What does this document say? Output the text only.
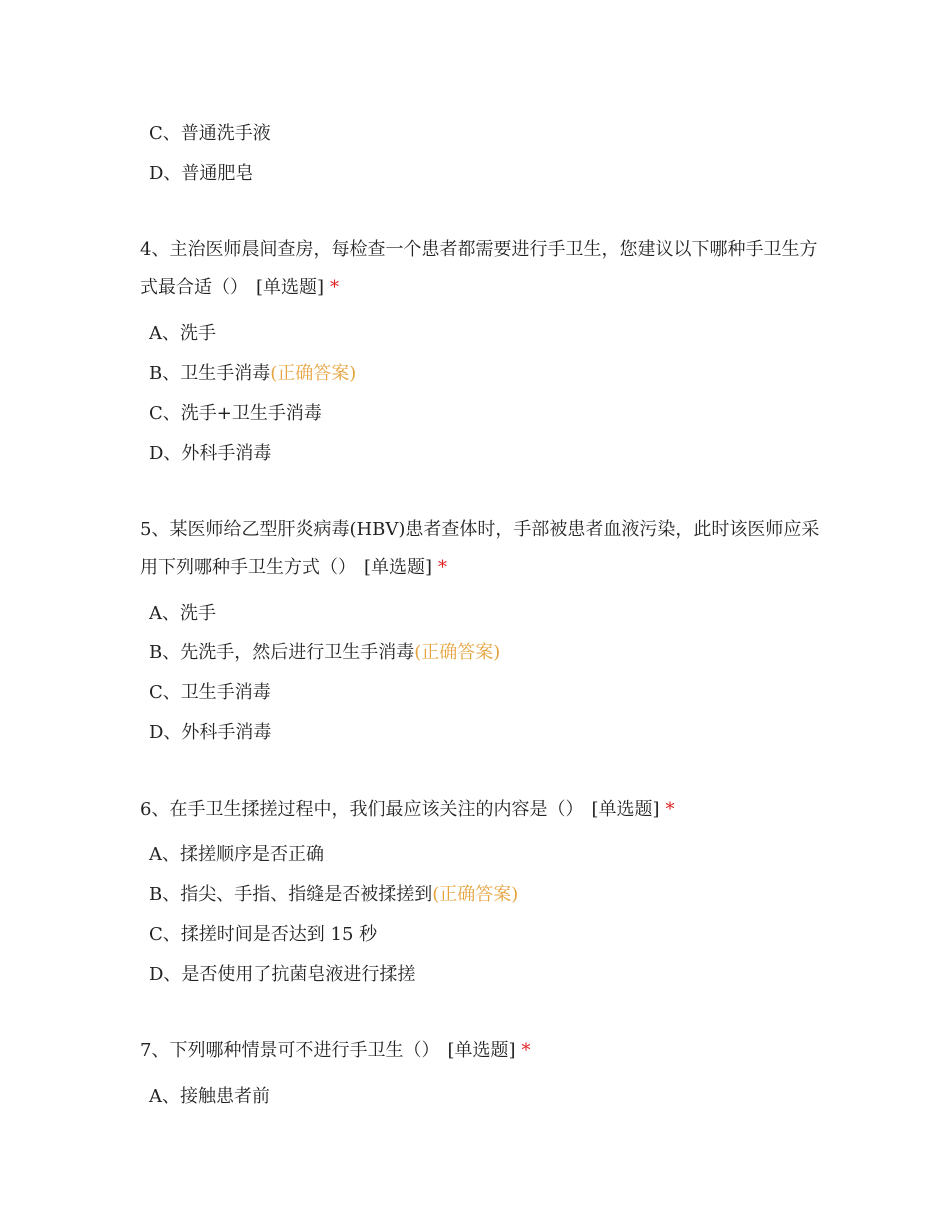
C、普通洗手液
D、普通肥皂
4、主治医师晨间查房，每检查一个患者都需要进行手卫生，您建议以下哪种手卫生方式最合适（） [单选题] *
A、洗手
B、卫生手消毒(正确答案)
C、洗手+卫生手消毒
D、外科手消毒
5、某医师给乙型肝炎病毒(HBV)患者查体时，手部被患者血液污染，此时该医师应采用下列哪种手卫生方式（） [单选题] *
A、洗手
B、先洗手，然后进行卫生手消毒(正确答案)
C、卫生手消毒
D、外科手消毒
6、在手卫生揉搓过程中，我们最应该关注的内容是（） [单选题] *
A、揉搓顺序是否正确
B、指尖、手指、指缝是否被揉搓到(正确答案)
C、揉搓时间是否达到 15 秒
D、是否使用了抗菌皂液进行揉搓
7、下列哪种情景可不进行手卫生（） [单选题] *
A、接触患者前
